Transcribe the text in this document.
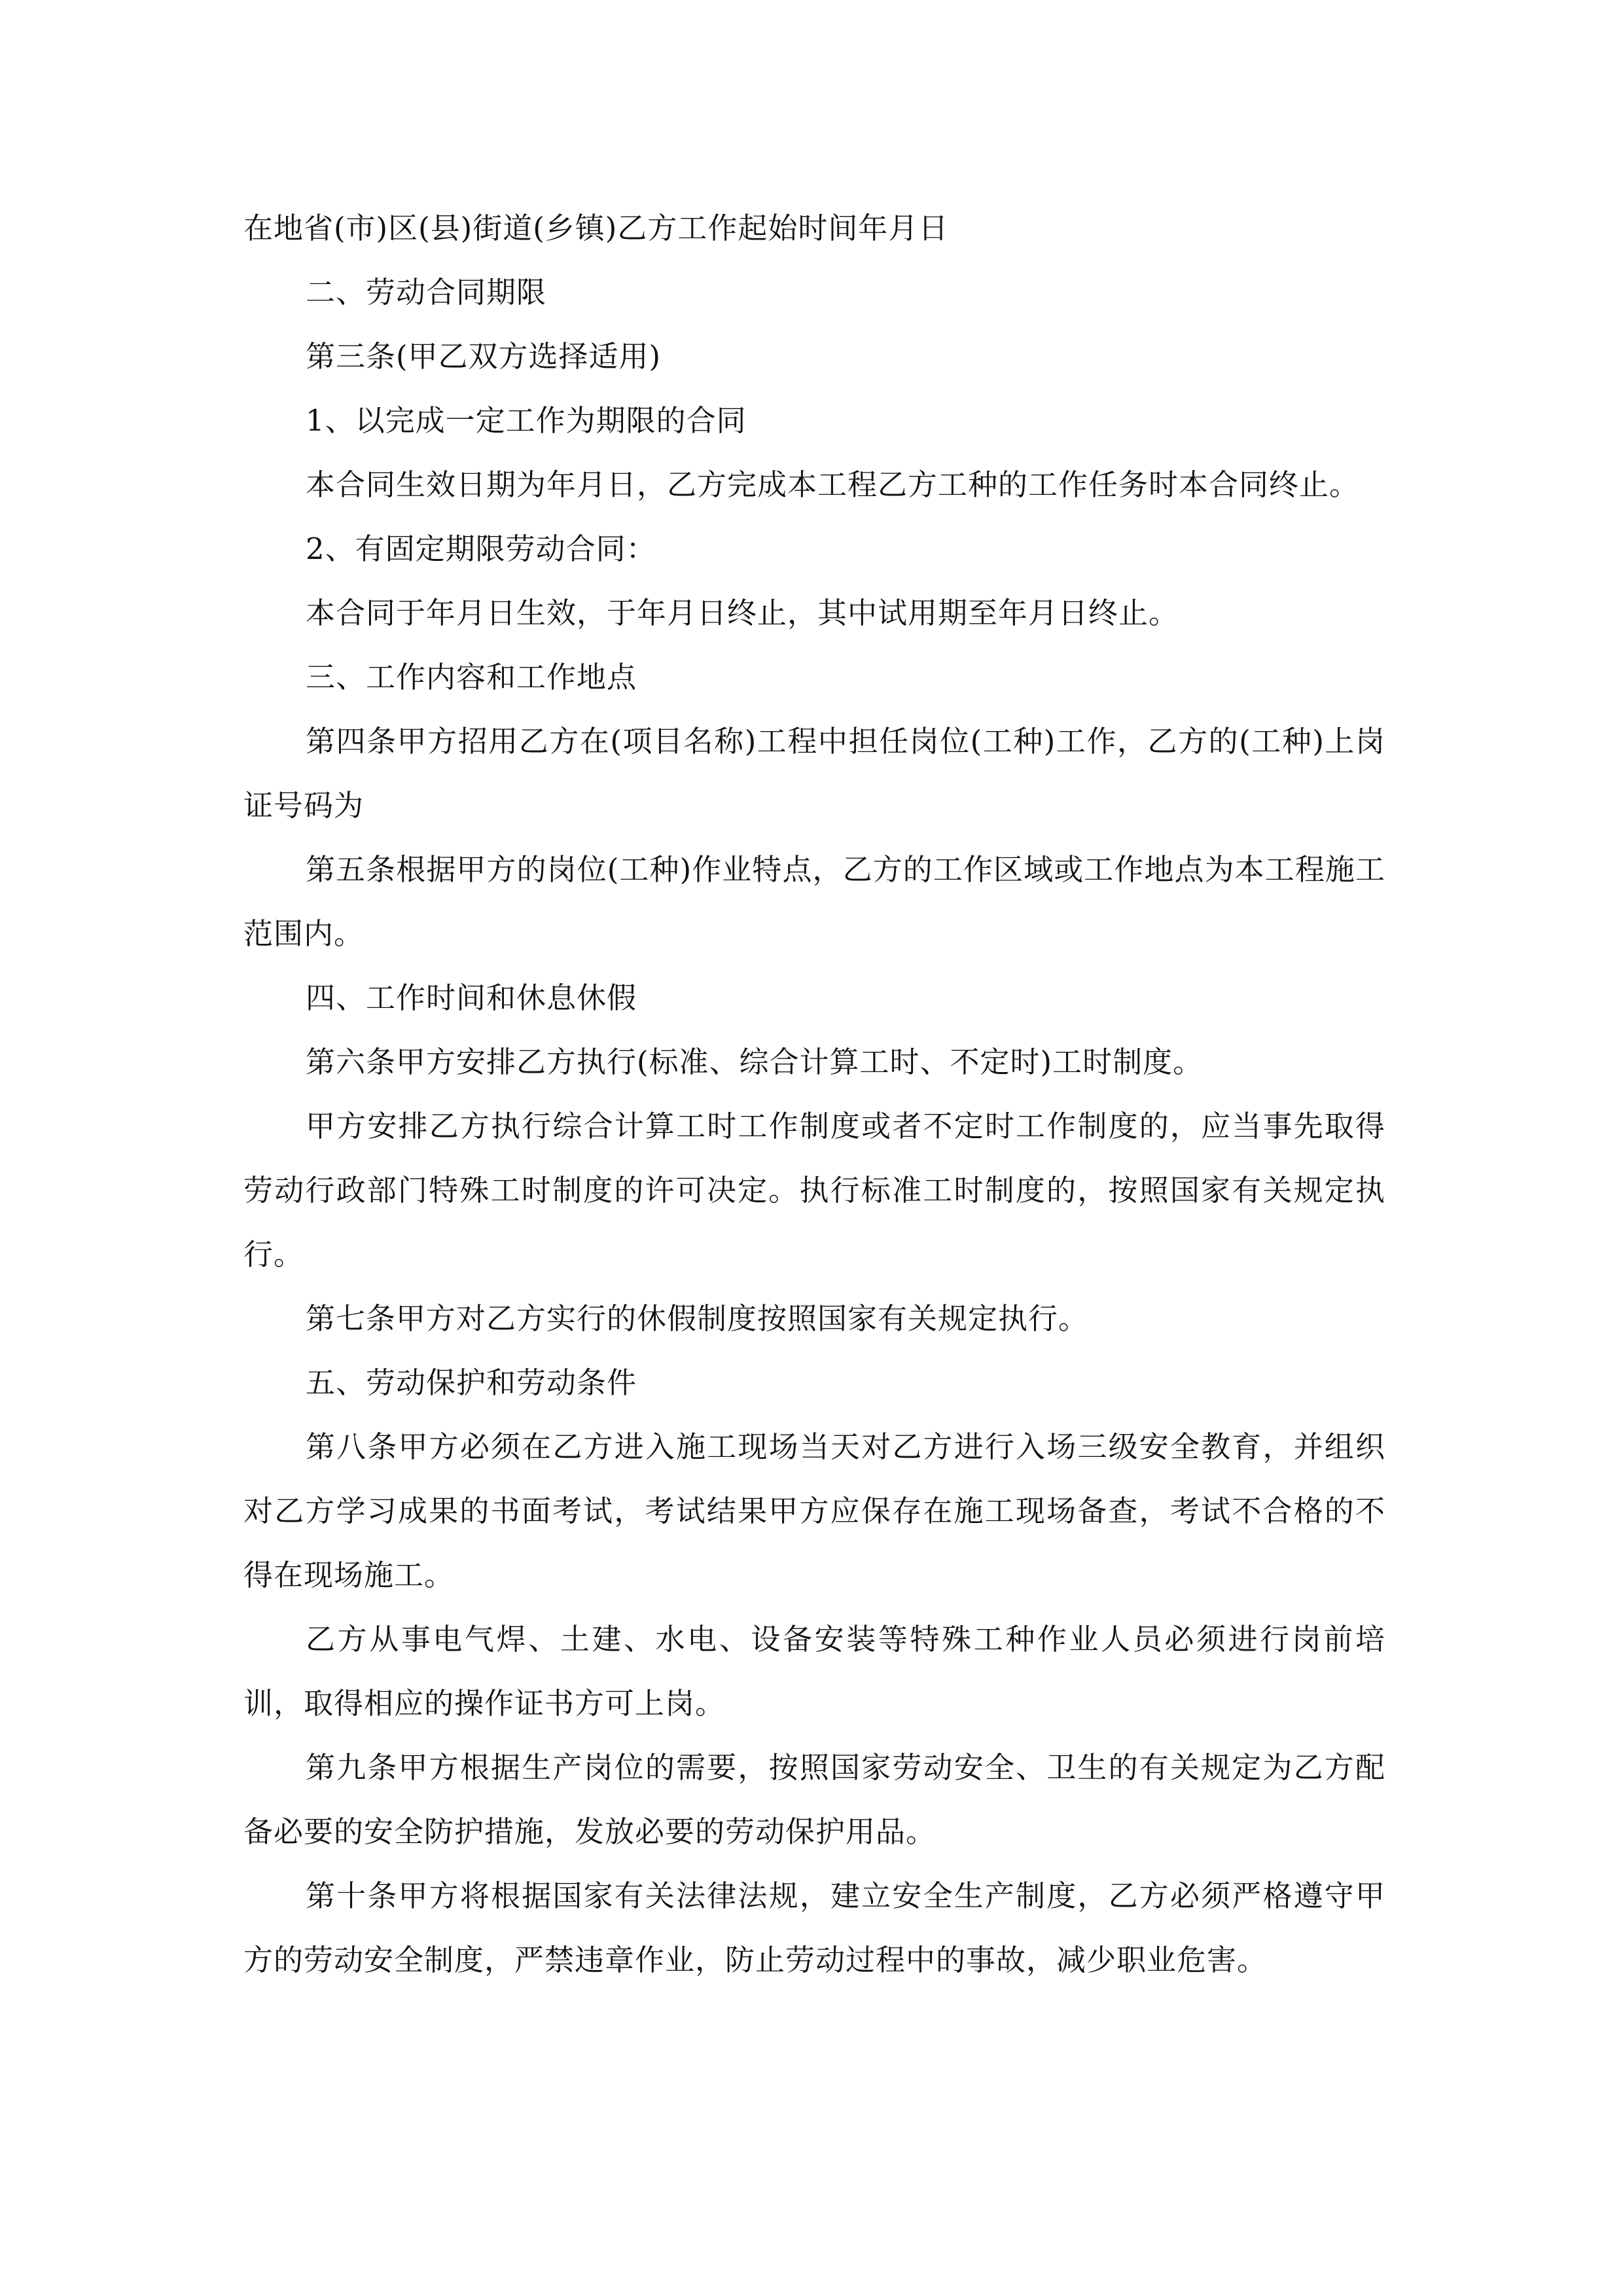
在地省(市)区(县)街道(乡镇)乙方工作起始时间年月日

二、劳动合同期限

第三条(甲乙双方选择适用)

1、以完成一定工作为期限的合同

本合同生效日期为年月日，乙方完成本工程乙方工种的工作任务时本合同终止。

2、有固定期限劳动合同：

本合同于年月日生效，于年月日终止，其中试用期至年月日终止。

三、工作内容和工作地点

第四条甲方招用乙方在(项目名称)工程中担任岗位(工种)工作，乙方的(工种)上岗证号码为

第五条根据甲方的岗位(工种)作业特点，乙方的工作区域或工作地点为本工程施工范围内。

四、工作时间和休息休假

第六条甲方安排乙方执行(标准、综合计算工时、不定时)工时制度。

甲方安排乙方执行综合计算工时工作制度或者不定时工作制度的，应当事先取得劳动行政部门特殊工时制度的许可决定。执行标准工时制度的，按照国家有关规定执行。

第七条甲方对乙方实行的休假制度按照国家有关规定执行。

五、劳动保护和劳动条件

第八条甲方必须在乙方进入施工现场当天对乙方进行入场三级安全教育，并组织对乙方学习成果的书面考试，考试结果甲方应保存在施工现场备查，考试不合格的不得在现场施工。

乙方从事电气焊、土建、水电、设备安装等特殊工种作业人员必须进行岗前培训，取得相应的操作证书方可上岗。

第九条甲方根据生产岗位的需要，按照国家劳动安全、卫生的有关规定为乙方配备必要的安全防护措施，发放必要的劳动保护用品。

第十条甲方将根据国家有关法律法规，建立安全生产制度，乙方必须严格遵守甲方的劳动安全制度，严禁违章作业，防止劳动过程中的事故，减少职业危害。
